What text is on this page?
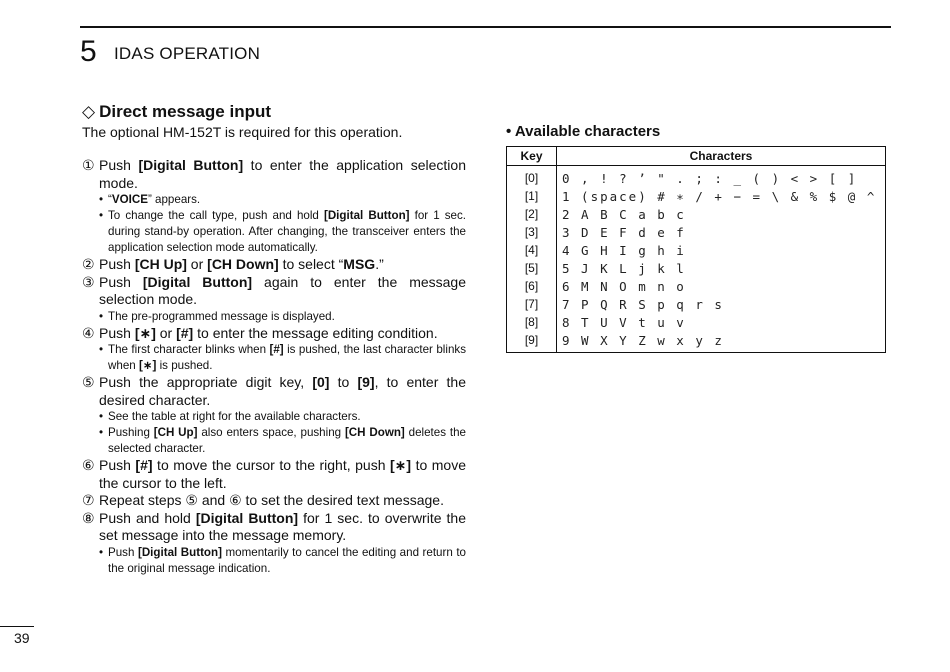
5 IDAS OPERATION
◇ Direct message input

The optional HM-152T is required for this operation.

① Push [Digital Button] to enter the application selection mode.
• “VOICE” appears.
• To change the call type, push and hold [Digital Button] for 1 sec. during stand-by operation. After changing, the transceiver enters the application selection mode automatically.
② Push [CH Up] or [CH Down] to select “MSG.”
③ Push [Digital Button] again to enter the message selection mode.
• The pre-programmed message is displayed.
④ Push [∗] or [#] to enter the message editing condition.
• The first character blinks when [#] is pushed, the last character blinks when [∗] is pushed.
⑤ Push the appropriate digit key, [0] to [9], to enter the desired character.
• See the table at right for the available characters.
• Pushing [CH Up] also enters space, pushing [CH Down] deletes the selected character.
⑥ Push [#] to move the cursor to the right, push [∗] to move the cursor to the left.
⑦ Repeat steps ⑤ and ⑥ to set the desired text message.
⑧ Push and hold [Digital Button] for 1 sec. to overwrite the set message into the message memory.
• Push [Digital Button] momentarily to cancel the editing and return to the original message indication.
• Available characters
Key	Characters
[0]	0 , ! ? ’ " . ; : _ ( ) < > [ ]
[1]	1 (space) # ∗ / + − = \ & % $ @ ^
[2]	2 A B C a b c
[3]	3 D E F d e f
[4]	4 G H I g h i
[5]	5 J K L j k l
[6]	6 M N O m n o
[7]	7 P Q R S p q r s
[8]	8 T U V t u v
[9]	9 W X Y Z w x y z
39
